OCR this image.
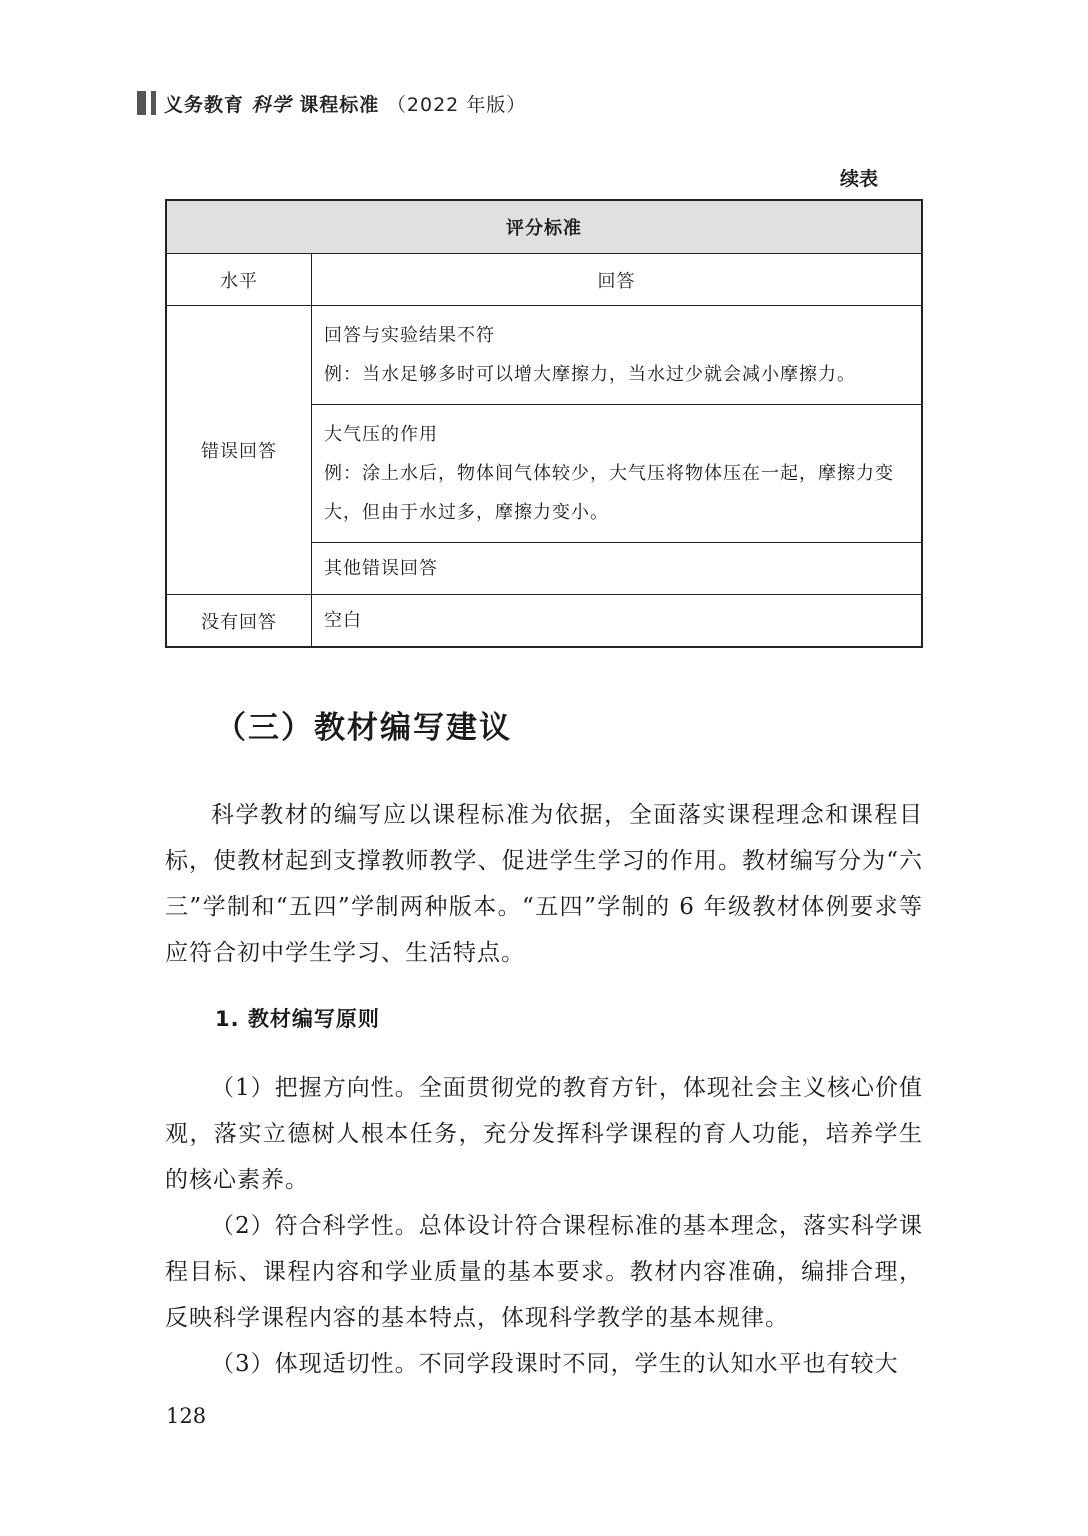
义务教育 科学 课程标准 （2022 年版）
续表
评分标准	
水平	回答
错误回答	回答与实验结果不符
例：当水足够多时可以增大摩擦力，当水过少就会减小摩擦力。

	大气压的作用
例：涂上水后，物体间气体较少，大气压将物体压在一起，摩擦力变大，但由于水过多，摩擦力变小。

	其他错误回答

没有回答	空白
（三）教材编写建议

科学教材的编写应以课程标准为依据，全面落实课程理念和课程目标，使教材起到支撑教师教学、促进学生学习的作用。教材编写分为“六三”学制和“五四”学制两种版本。“五四”学制的 6 年级教材体例要求等应符合初中学生学习、生活特点。

1. 教材编写原则

（1）把握方向性。全面贯彻党的教育方针，体现社会主义核心价值观，落实立德树人根本任务，充分发挥科学课程的育人功能，培养学生的核心素养。

（2）符合科学性。总体设计符合课程标准的基本理念，落实科学课程目标、课程内容和学业质量的基本要求。教材内容准确，编排合理，反映科学课程内容的基本特点，体现科学教学的基本规律。

（3）体现适切性。不同学段课时不同，学生的认知水平也有较大

128
